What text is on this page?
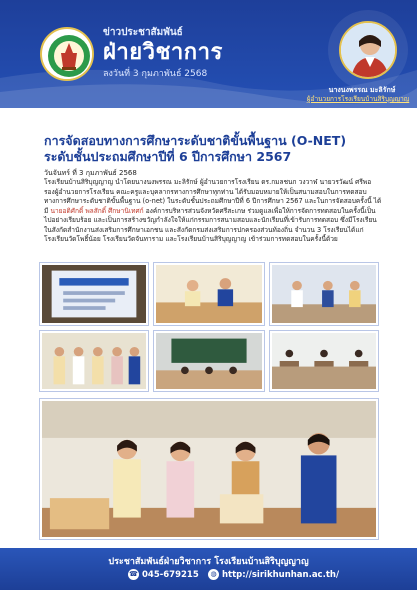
ข่าวประชาสัมพันธ์
ฝ่ายวิชาการ
ลงวันที่ 3 กุมภาพันธ์ 2568
นางนงพรรณ มะลิรักษ์
ผู้อำนวยการโรงเรียนบ้านสิริบุญญาญ
การจัดสอบทางการศึกษาระดับชาติขั้นพื้นฐาน (O-NET)
ระดับชั้นประถมศึกษาปีที่ 6 ปีการศึกษา 2567
วันจันทร์ ที่ 3 กุมภาพันธ์ 2568
โรงเรียนบ้านสิริบุญญาญ นำโดยนางนงพรรณ มะลิรักษ์ ผู้อำนวยการโรงเรียน ดร.กมลชนก วงวาฬ นายวรวัฒน์ ศรีพอ รองผู้อำนวยการโรงเรียน คณะครูและบุคลากรทางการศึกษาทุกท่าน ได้รับมอบหมายให้เป็นสนามสอบในการทดสอบทางการศึกษาระดับชาติขั้นพื้นฐาน (o-net) ในระดับชั้นประถมศึกษาปีที่ 6 ปีการศึกษา 2567 และในการจัดสอบครั้งนี้ ได้มี นายอดิศักดิ์ พลสักดิ์ ศึกษานิเทศก์ องค์การบริหารส่วนจังหวัดศรีสะเกษ ร่วมดูแลเพื่อให้การจัดการทดสอบในครั้งนี้เป็นไปอย่างเรียบร้อย และเป็นการสร้างขวัญกำลังใจให้แก่กรรมการสนามสอบและนักเรียนที่เข้ารับการทดสอบ ซึ่งมีโรงเรียนในสังกัดสำนักงานส่งเสริมการศึกษาเอกชน และสังกัดกรมส่งเสริมการปกครองส่วนท้องถิ่น จำนวน 3 โรงเรียนได้แก่ โรงเรียนวัดโพธิ์น้อย โรงเรียนวัดจันทาราม และโรงเรียนบ้านสิริบุญญาญ เข้าร่วมการทดสอบในครั้งนี้ด้วย
ประชาสัมพันธ์ฝ่ายวิชาการ โรงเรียนบ้านสิริบุญญาญ
☎ 045-679215	◍ http://sirikhunhan.ac.th/
